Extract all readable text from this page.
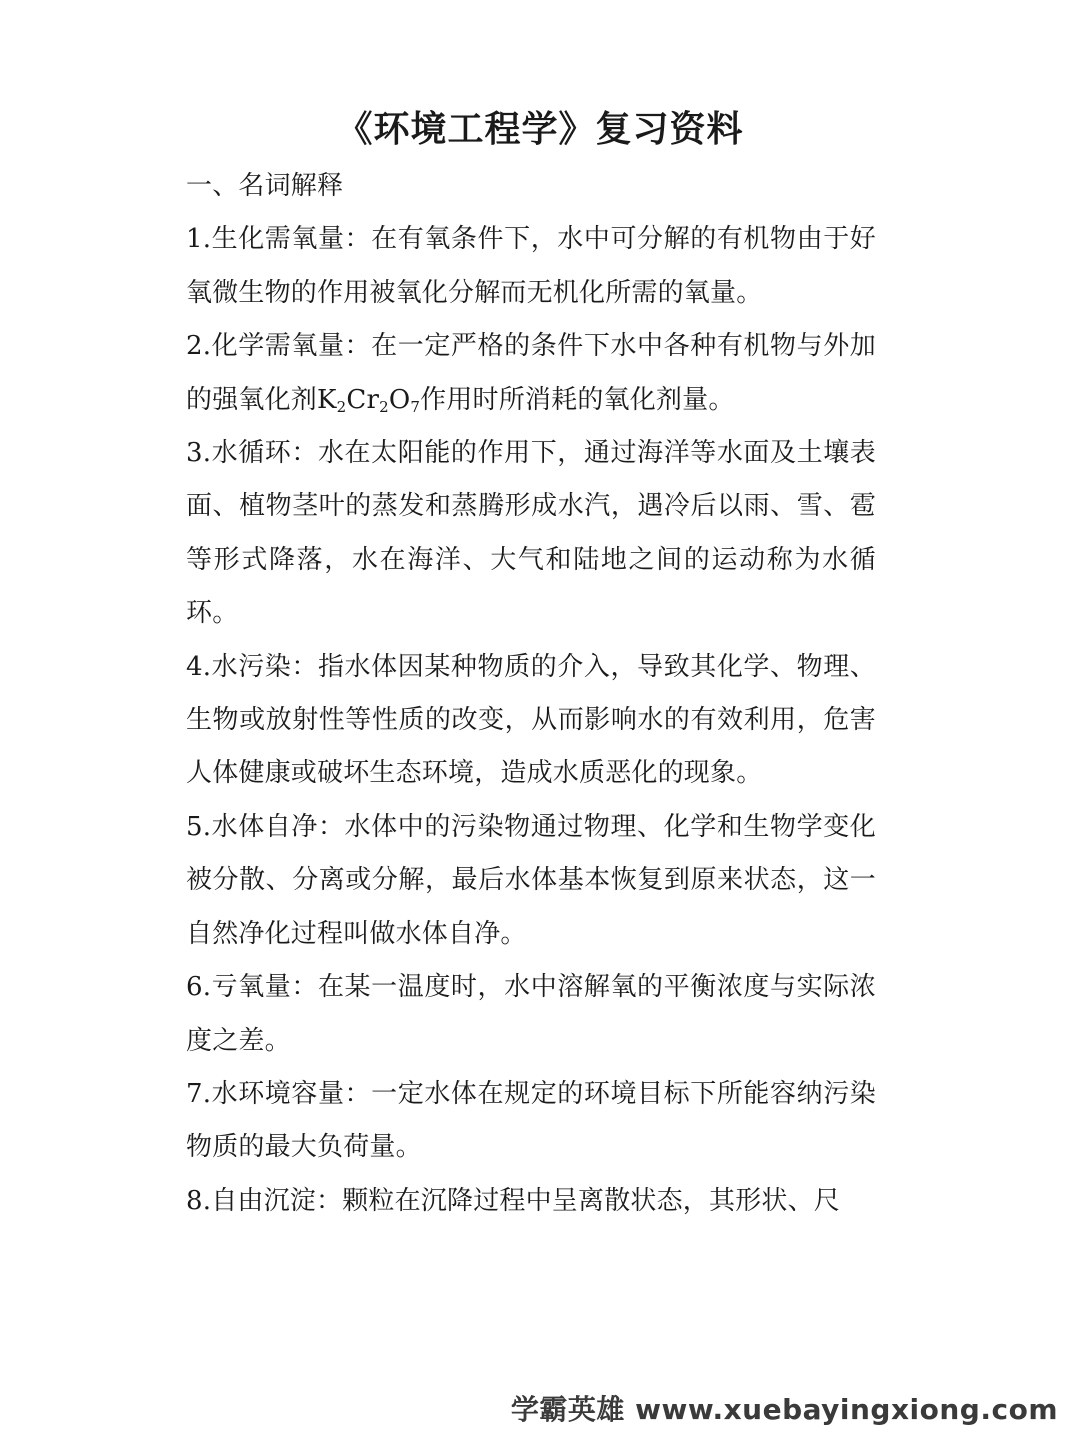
《环境工程学》复习资料

一、名词解释

1.生化需氧量：在有氧条件下，水中可分解的有机物由于好氧微生物的作用被氧化分解而无机化所需的氧量。

2.化学需氧量：在一定严格的条件下水中各种有机物与外加的强氧化剂$K_2Cr_2O_7$作用时所消耗的氧化剂量。

3.水循环：水在太阳能的作用下，通过海洋等水面及土壤表面、植物茎叶的蒸发和蒸腾形成水汽，遇冷后以雨、雪、雹等形式降落，水在海洋、大气和陆地之间的运动称为水循环。

4.水污染：指水体因某种物质的介入，导致其化学、物理、生物或放射性等性质的改变，从而影响水的有效利用，危害人体健康或破坏生态环境，造成水质恶化的现象。

5.水体自净：水体中的污染物通过物理、化学和生物学变化被分散、分离或分解，最后水体基本恢复到原来状态，这一自然净化过程叫做水体自净。

6.亏氧量：在某一温度时，水中溶解氧的平衡浓度与实际浓度之差。

7.水环境容量：一定水体在规定的环境目标下所能容纳污染物质的最大负荷量。

8.自由沉淀：颗粒在沉降过程中呈离散状态，其形状、尺

学霸英雄 www.xuebayingxiong.com
